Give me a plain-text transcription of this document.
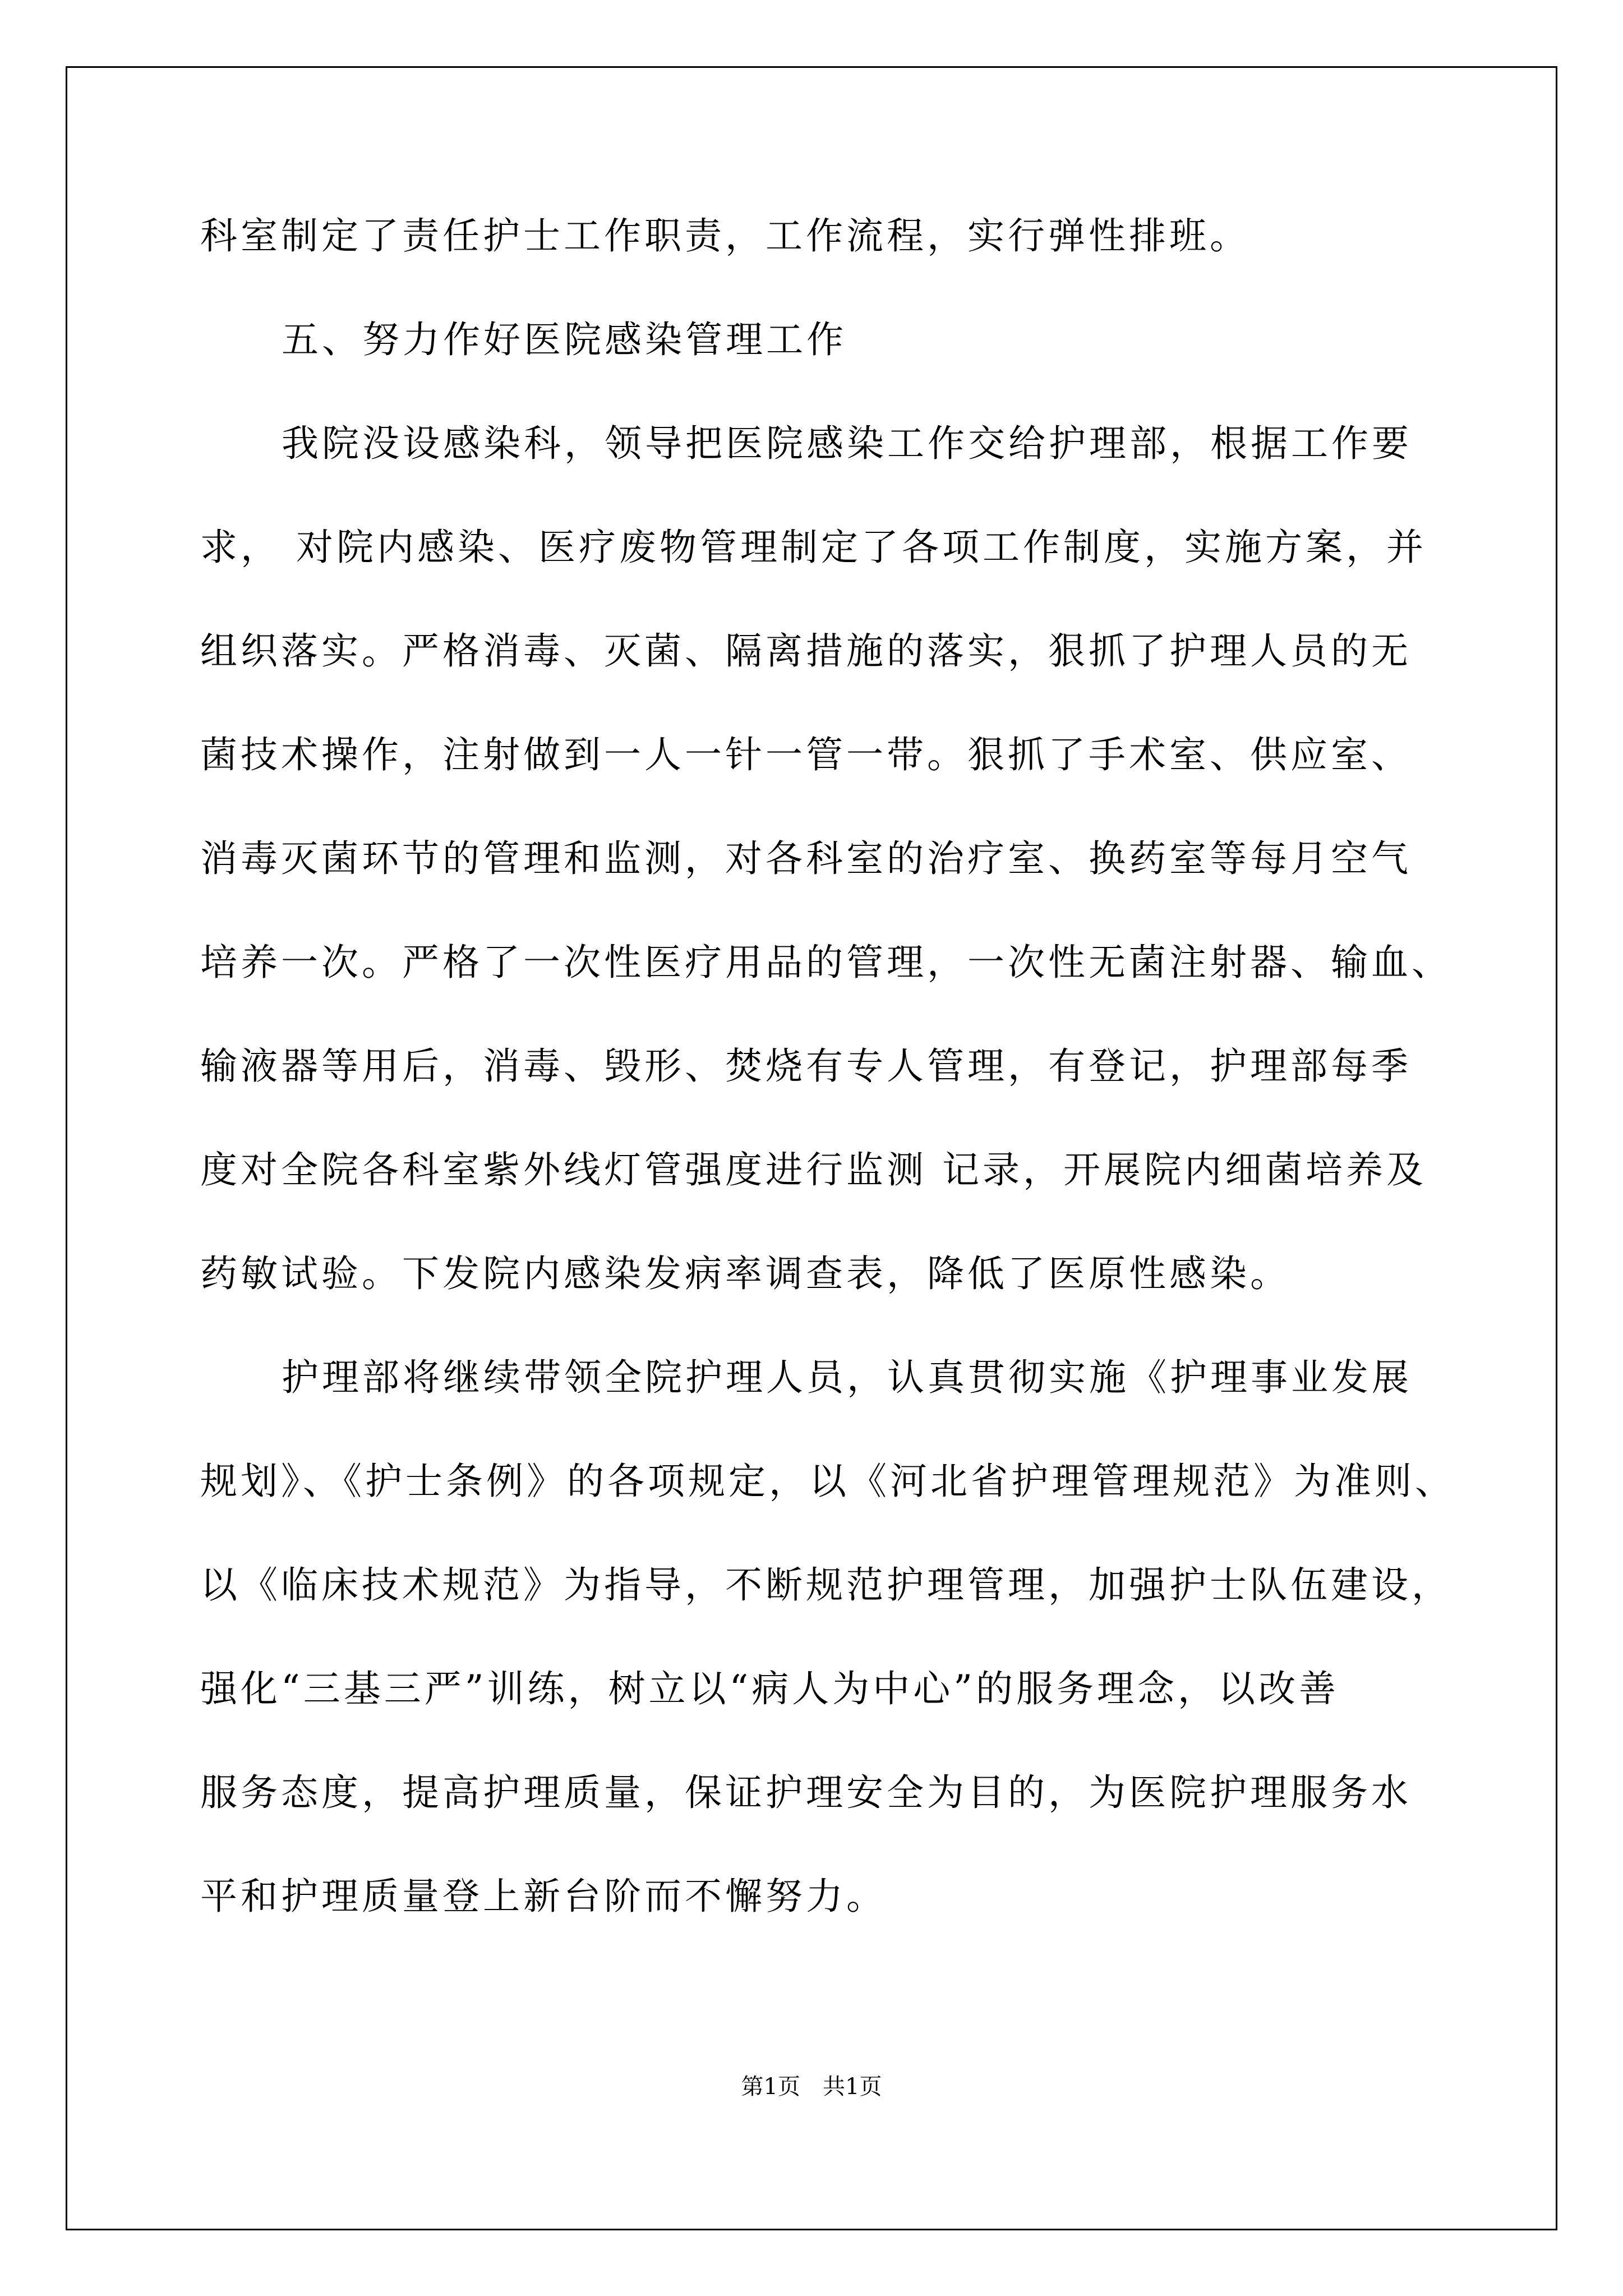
科室制定了责任护士工作职责，工作流程，实行弹性排班。
五、努力作好医院感染管理工作
我院没设感染科，领导把医院感染工作交给护理部，根据工作要
求， 对院内感染、医疗废物管理制定了各项工作制度，实施方案，并
组织落实。严格消毒、灭菌、隔离措施的落实，狠抓了护理人员的无
菌技术操作，注射做到一人一针一管一带。狠抓了手术室、供应室、
消毒灭菌环节的管理和监测，对各科室的治疗室、换药室等每月空气
培养一次。严格了一次性医疗用品的管理，一次性无菌注射器、输血、
输液器等用后，消毒、毁形、焚烧有专人管理，有登记，护理部每季
度对全院各科室紫外线灯管强度进行监测 记录，开展院内细菌培养及
药敏试验。下发院内感染发病率调查表，降低了医原性感染。
护理部将继续带领全院护理人员，认真贯彻实施《护理事业发展
规划》、《护士条例》的各项规定，以《河北省护理管理规范》为准则、
以《临床技术规范》为指导，不断规范护理管理，加强护士队伍建设，
强化“三基三严”训练，树立以“病人为中心”的服务理念，以改善
服务态度，提高护理质量，保证护理安全为目的，为医院护理服务水
平和护理质量登上新台阶而不懈努力。
第1页　共1页
